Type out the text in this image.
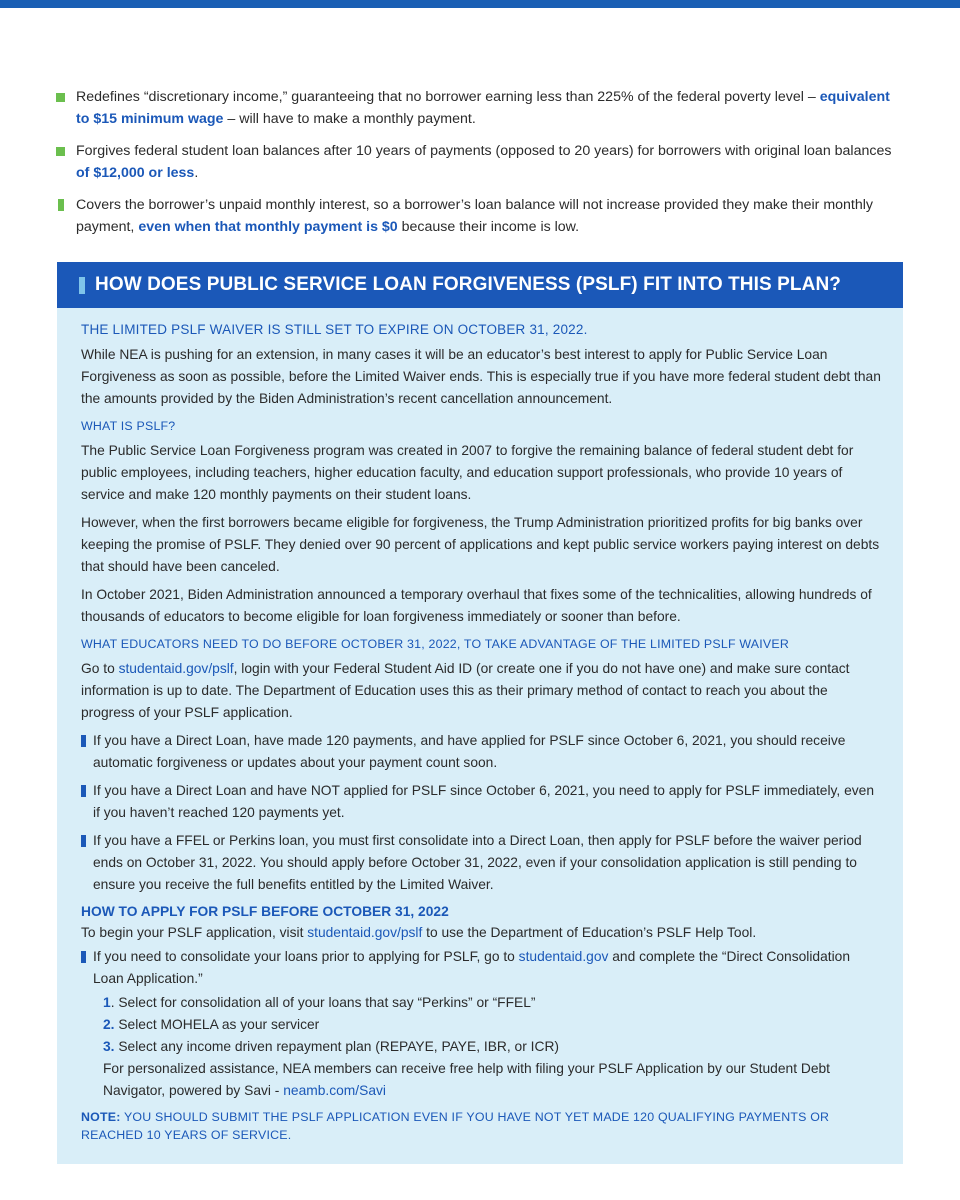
Redefines “discretionary income,” guaranteeing that no borrower earning less than 225% of the federal poverty level – equivalent to $15 minimum wage – will have to make a monthly payment.
Forgives federal student loan balances after 10 years of payments (opposed to 20 years) for borrowers with original loan balances of $12,000 or less.
Covers the borrower’s unpaid monthly interest, so a borrower’s loan balance will not increase provided they make their monthly payment, even when that monthly payment is $0 because their income is low.
HOW DOES PUBLIC SERVICE LOAN FORGIVENESS (PSLF) FIT INTO THIS PLAN?
THE LIMITED PSLF WAIVER IS STILL SET TO EXPIRE ON OCTOBER 31, 2022.

While NEA is pushing for an extension, in many cases it will be an educator’s best interest to apply for Public Service Loan Forgiveness as soon as possible, before the Limited Waiver ends. This is especially true if you have more federal student debt than the amounts provided by the Biden Administration’s recent cancellation announcement.

WHAT IS PSLF?

The Public Service Loan Forgiveness program was created in 2007 to forgive the remaining balance of federal student debt for public employees, including teachers, higher education faculty, and education support professionals, who provide 10 years of service and make 120 monthly payments on their student loans.

However, when the first borrowers became eligible for forgiveness, the Trump Administration prioritized profits for big banks over keeping the promise of PSLF. They denied over 90 percent of applications and kept public service workers paying interest on debts that should have been canceled.

In October 2021, Biden Administration announced a temporary overhaul that fixes some of the technicalities, allowing hundreds of thousands of educators to become eligible for loan forgiveness immediately or sooner than before.

WHAT EDUCATORS NEED TO DO BEFORE OCTOBER 31, 2022, TO TAKE ADVANTAGE OF THE LIMITED PSLF WAIVER

Go to studentaid.gov/pslf, login with your Federal Student Aid ID (or create one if you do not have one) and make sure contact information is up to date. The Department of Education uses this as their primary method of contact to reach you about the progress of your PSLF application.

If you have a Direct Loan, have made 120 payments, and have applied for PSLF since October 6, 2021, you should receive automatic forgiveness or updates about your payment count soon.
If you have a Direct Loan and have NOT applied for PSLF since October 6, 2021, you need to apply for PSLF immediately, even if you haven’t reached 120 payments yet.
If you have a FFEL or Perkins loan, you must first consolidate into a Direct Loan, then apply for PSLF before the waiver period ends on October 31, 2022. You should apply before October 31, 2022, even if your consolidation application is still pending to ensure you receive the full benefits entitled by the Limited Waiver.
HOW TO APPLY FOR PSLF BEFORE OCTOBER 31, 2022

To begin your PSLF application, visit studentaid.gov/pslf to use the Department of Education’s PSLF Help Tool.

If you need to consolidate your loans prior to applying for PSLF, go to studentaid.gov and complete the “Direct Consolidation Loan Application.”
1. Select for consolidation all of your loans that say “Perkins” or “FFEL”
2. Select MOHELA as your servicer
3. Select any income driven repayment plan (REPAYE, PAYE, IBR, or ICR)
For personalized assistance, NEA members can receive free help with filing your PSLF Application by our Student Debt Navigator, powered by Savi - neamb.com/Savi
NOTE: YOU SHOULD SUBMIT THE PSLF APPLICATION EVEN IF YOU HAVE NOT YET MADE 120 QUALIFYING PAYMENTS OR REACHED 10 YEARS OF SERVICE.
